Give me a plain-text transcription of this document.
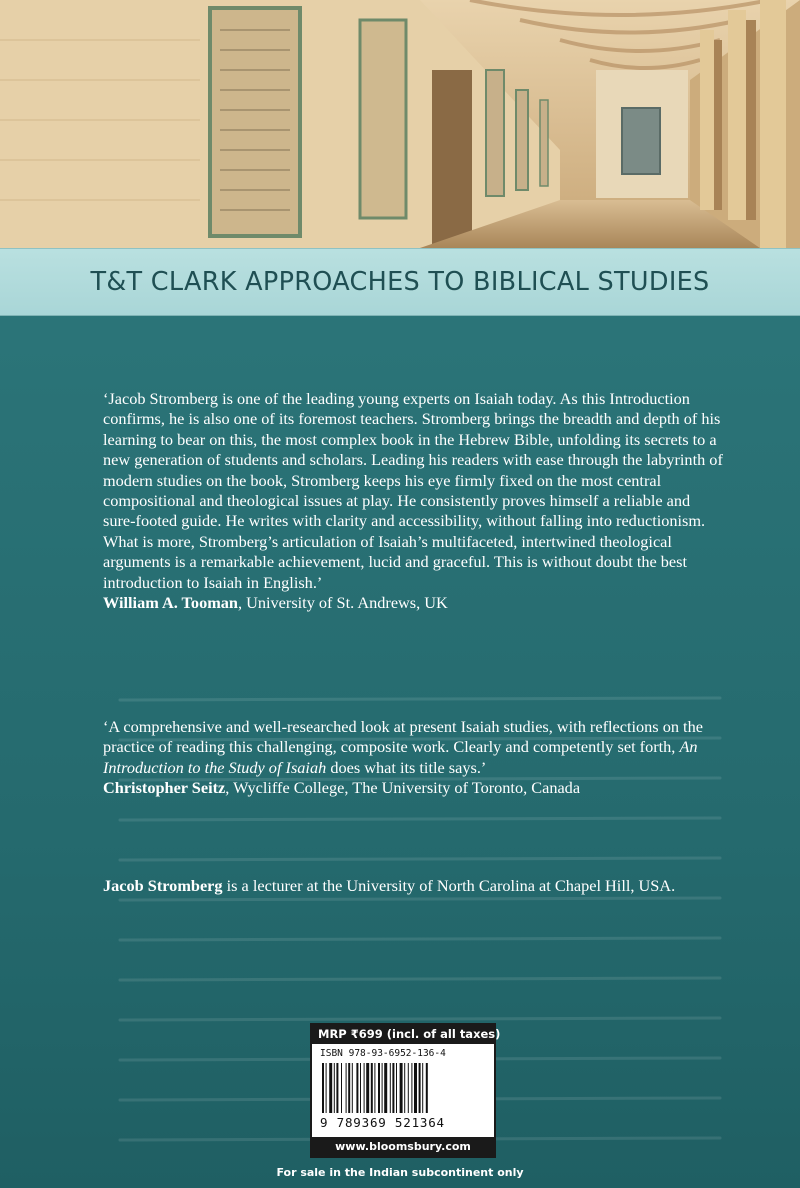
T&T CLARK APPROACHES TO BIBLICAL STUDIES

‘Jacob Stromberg is one of the leading young experts on Isaiah today. As this Introduction confirms, he is also one of its foremost teachers. Stromberg brings the breadth and depth of his learning to bear on this, the most complex book in the Hebrew Bible, unfolding its secrets to a new generation of students and scholars. Leading his readers with ease through the labyrinth of modern studies on the book, Stromberg keeps his eye firmly fixed on the most central compositional and theological issues at play. He consistently proves himself a reliable and sure-footed guide. He writes with clarity and accessibility, without falling into reductionism. What is more, Stromberg’s articulation of Isaiah’s multifaceted, intertwined theological arguments is a remarkable achievement, lucid and graceful. This is without doubt the best introduction to Isaiah in English.’

William A. Tooman, University of St. Andrews, UK

‘A comprehensive and well-researched look at present Isaiah studies, with reflections on the practice of reading this challenging, composite work. Clearly and competently set forth, An Introduction to the Study of Isaiah does what its title says.’

Christopher Seitz, Wycliffe College, The University of Toronto, Canada

Jacob Stromberg is a lecturer at the University of North Carolina at Chapel Hill, USA.

MRP ₹699 (incl. of all taxes)
ISBN 978-93-6952-136-4
9 789369 521364
www.bloomsbury.com
For sale in the Indian subcontinent only
